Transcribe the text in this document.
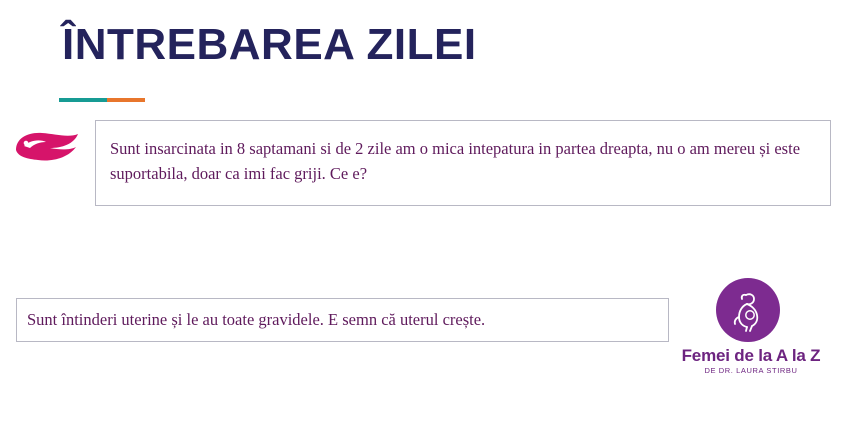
ÎNTREBAREA ZILEI
Sunt insarcinata in 8 saptamani si de 2 zile am o mica intepatura in partea dreapta, nu o am mereu și este suportabila, doar ca imi fac griji. Ce e?
Sunt întinderi uterine și le au toate gravidele. E semn că uterul crește.
Femei de la A la Z
DE DR. LAURA STIRBU
